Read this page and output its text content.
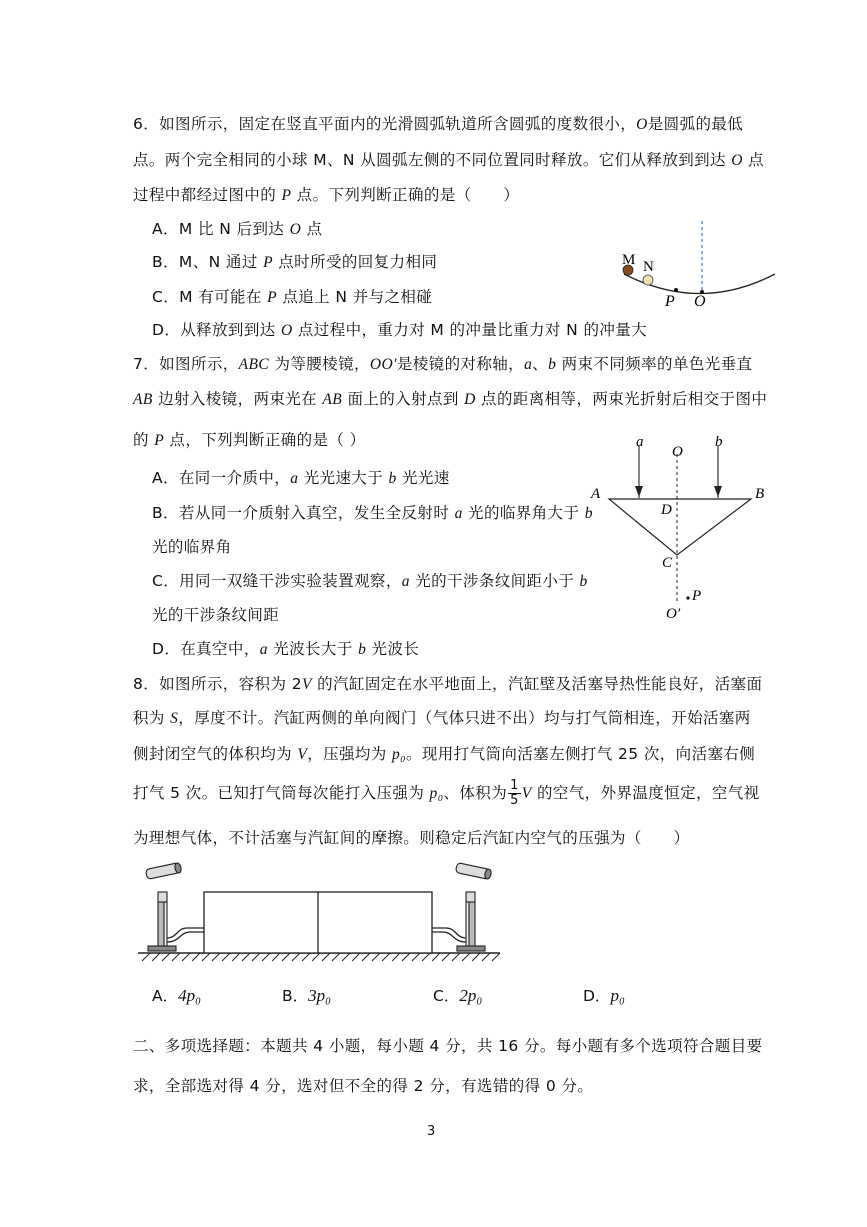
6．如图所示，固定在竖直平面内的光滑圆弧轨道所含圆弧的度数很小，O是圆弧的最低
点。两个完全相同的小球 M、N 从圆弧左侧的不同位置同时释放。它们从释放到到达 O 点
过程中都经过图中的 P 点。下列判断正确的是（　　）
A．M 比 N 后到达 O 点
B．M、N 通过 P 点时所受的回复力相同
C．M 有可能在 P 点追上 N 并与之相碰
D．从释放到到达 O 点过程中，重力对 M 的冲量比重力对 N 的冲量大
M N
P O
7．如图所示，ABC 为等腰棱镜，OO′是棱镜的对称轴，a、b 两束不同频率的单色光垂直
AB 边射入棱镜，两束光在 AB 面上的入射点到 D 点的距离相等，两束光折射后相交于图中
的 P 点，下列判断正确的是（ ）
A．在同一介质中，a 光光速大于 b 光光速
B．若从同一介质射入真空，发生全反射时 a 光的临界角大于 b
光的临界角
C．用同一双缝干涉实验装置观察，a 光的干涉条纹间距小于 b
光的干涉条纹间距
D．在真空中，a 光波长大于 b 光波长
a	b
O
A	B
D
C
O′
P
8．如图所示，容积为 2V 的汽缸固定在水平地面上，汽缸壁及活塞导热性能良好，活塞面
积为 S，厚度不计。汽缸两侧的单向阀门（气体只进不出）均与打气筒相连，开始活塞两
侧封闭空气的体积均为 V，压强均为 p₀。现用打气筒向活塞左侧打气 25 次，向活塞右侧
打气 5 次。已知打气筒每次能打入压强为 p₀、体积为 $\frac{1}{5}$ V 的空气，外界温度恒定，空气视
为理想气体，不计活塞与汽缸间的摩擦。则稳定后汽缸内空气的压强为（　　）
A．4p₀	B．3p₀	C．2p₀	D．p₀
二、多项选择题：本题共 4 小题，每小题 4 分，共 16 分。每小题有多个选项符合题目要
求，全部选对得 4 分，选对但不全的得 2 分，有选错的得 0 分。
3
